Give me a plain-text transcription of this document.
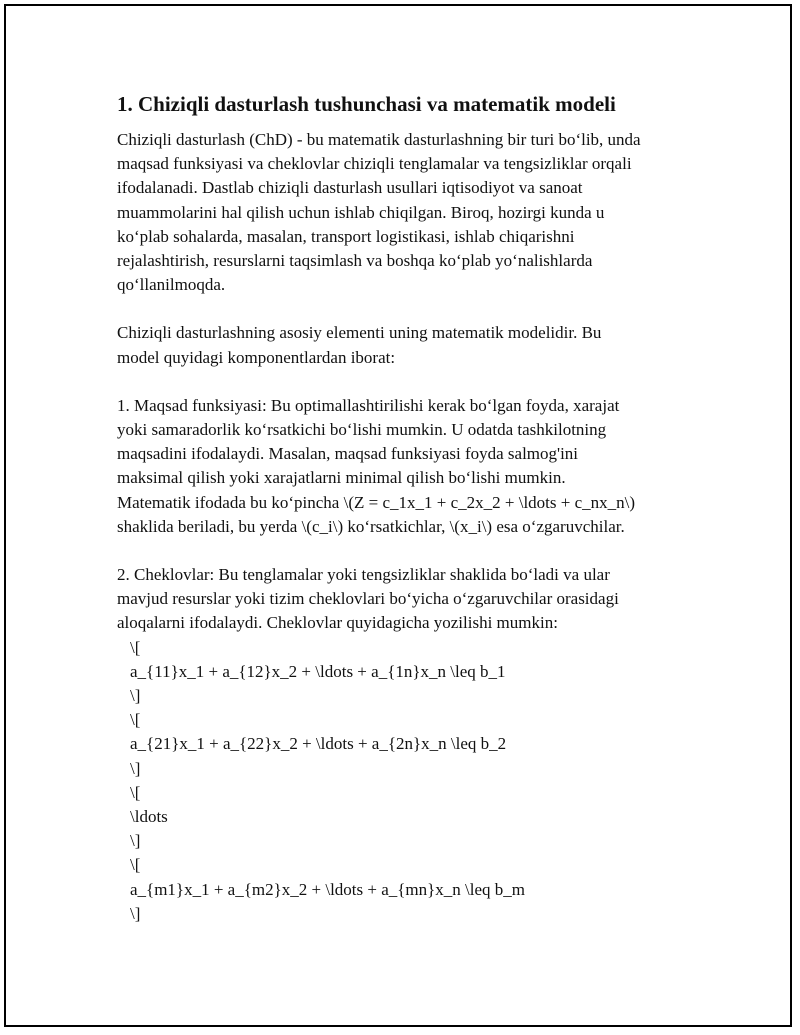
1. Chiziqli dasturlash tushunchasi va matematik modeli
Chiziqli dasturlash (ChD) - bu matematik dasturlashning bir turi bo‘lib, unda
maqsad funksiyasi va cheklovlar chiziqli tenglamalar va tengsizliklar orqali
ifodalanadi. Dastlab chiziqli dasturlash usullari iqtisodiyot va sanoat
muammolarini hal qilish uchun ishlab chiqilgan. Biroq, hozirgi kunda u
ko‘plab sohalarda, masalan, transport logistikasi, ishlab chiqarishni
rejalashtirish, resurslarni taqsimlash va boshqa ko‘plab yo‘nalishlarda
qo‘llanilmoqda.
Chiziqli dasturlashning asosiy elementi uning matematik modelidir. Bu
model quyidagi komponentlardan iborat:
1. Maqsad funksiyasi: Bu optimallashtirilishi kerak bo‘lgan foyda, xarajat
yoki samaradorlik ko‘rsatkichi bo‘lishi mumkin. U odatda tashkilotning
maqsadini ifodalaydi. Masalan, maqsad funksiyasi foyda salmog'ini
maksimal qilish yoki xarajatlarni minimal qilish bo‘lishi mumkin.
Matematik ifodada bu ko‘pincha \(Z = c_1x_1 + c_2x_2 + \ldots + c_nx_n\)
shaklida beriladi, bu yerda \(c_i\) ko‘rsatkichlar, \(x_i\) esa o‘zgaruvchilar.
2. Cheklovlar: Bu tenglamalar yoki tengsizliklar shaklida bo‘ladi va ular
mavjud resurslar yoki tizim cheklovlari bo‘yicha o‘zgaruvchilar orasidagi
aloqalarni ifodalaydi. Cheklovlar quyidagicha yozilishi mumkin:
\[
a_{11}x_1 + a_{12}x_2 + \ldots + a_{1n}x_n \leq b_1
\]
\[
a_{21}x_1 + a_{22}x_2 + \ldots + a_{2n}x_n \leq b_2
\]
\[
\ldots
\]
\[
a_{m1}x_1 + a_{m2}x_2 + \ldots + a_{mn}x_n \leq b_m
\]
